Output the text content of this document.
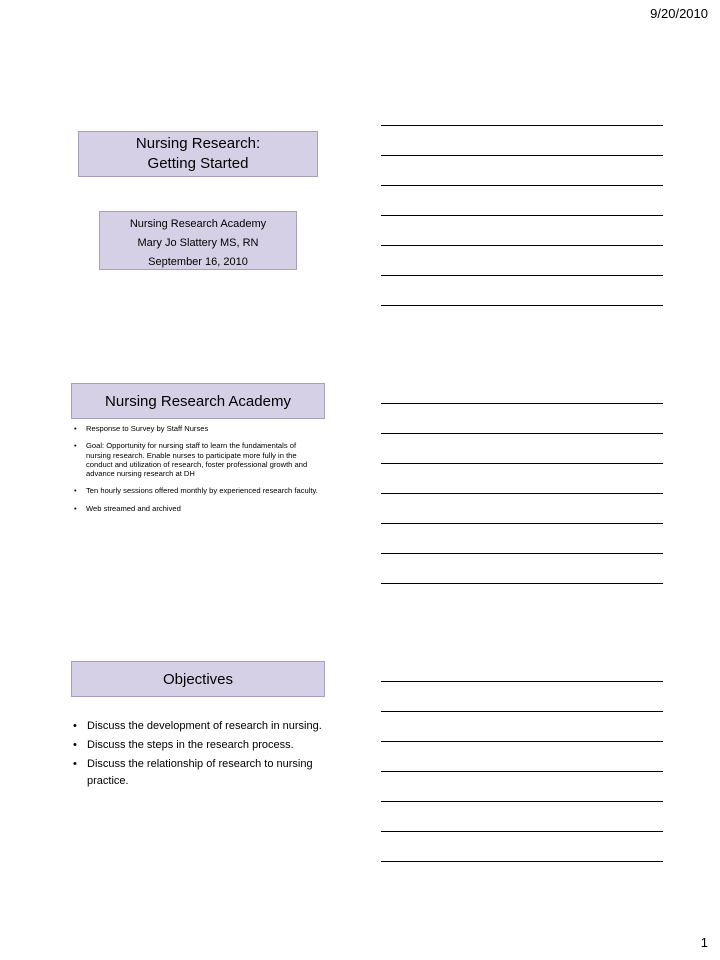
9/20/2010
Nursing Research:
Getting Started
Nursing Research Academy
Mary Jo Slattery MS, RN
September 16, 2010
Nursing Research Academy
• Response to Survey by Staff Nurses
• Goal: Opportunity for nursing staff to learn the fundamentals of nursing research. Enable nurses to participate more fully in the conduct and utilization of research, foster professional growth and advance nursing research at DH
• Ten hourly sessions offered monthly by experienced research faculty.
• Web streamed and archived
Objectives
• Discuss the development of research in nursing.
• Discuss the steps in the research process.
• Discuss the relationship of research to nursing practice.
1
